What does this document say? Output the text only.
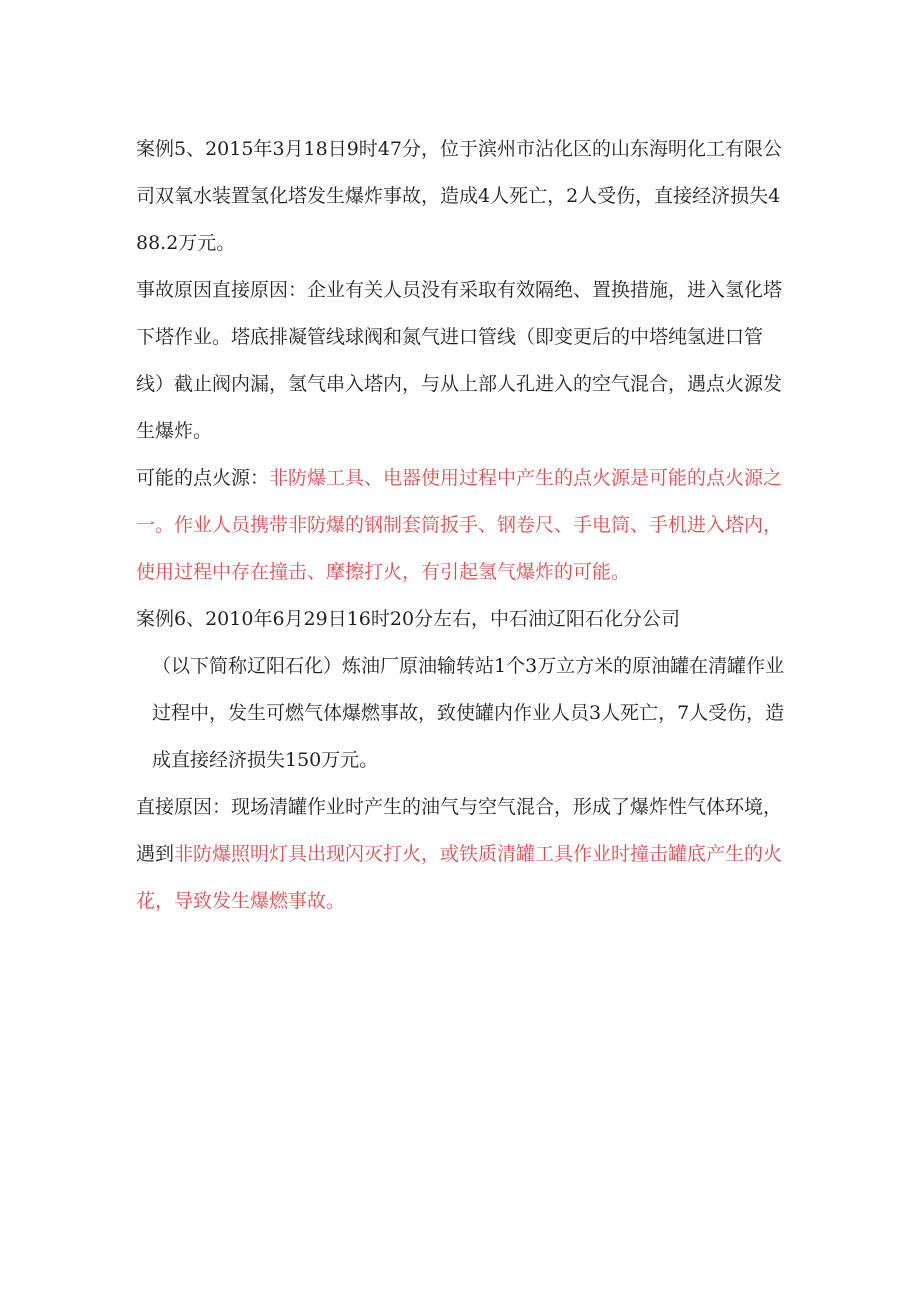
案例5、2015年3月18日9时47分，位于滨州市沾化区的山东海明化工有限公司双氧水装置氢化塔发生爆炸事故，造成4人死亡，2人受伤，直接经济损失488.2万元。

事故原因直接原因：企业有关人员没有采取有效隔绝、置换措施，进入氢化塔下塔作业。塔底排凝管线球阀和氮气进口管线（即变更后的中塔纯氢进口管线）截止阀内漏，氢气串入塔内，与从上部人孔进入的空气混合，遇点火源发生爆炸。

可能的点火源：非防爆工具、电器使用过程中产生的点火源是可能的点火源之一。作业人员携带非防爆的钢制套筒扳手、钢卷尺、手电筒、手机进入塔内，使用过程中存在撞击、摩擦打火，有引起氢气爆炸的可能。

案例6、2010年6月29日16时20分左右，中石油辽阳石化分公司

（以下简称辽阳石化）炼油厂原油输转站1个3万立方米的原油罐在清罐作业过程中，发生可燃气体爆燃事故，致使罐内作业人员3人死亡，7人受伤，造成直接经济损失150万元。

直接原因：现场清罐作业时产生的油气与空气混合，形成了爆炸性气体环境，遇到非防爆照明灯具出现闪灭打火，或铁质清罐工具作业时撞击罐底产生的火花，导致发生爆燃事故。
